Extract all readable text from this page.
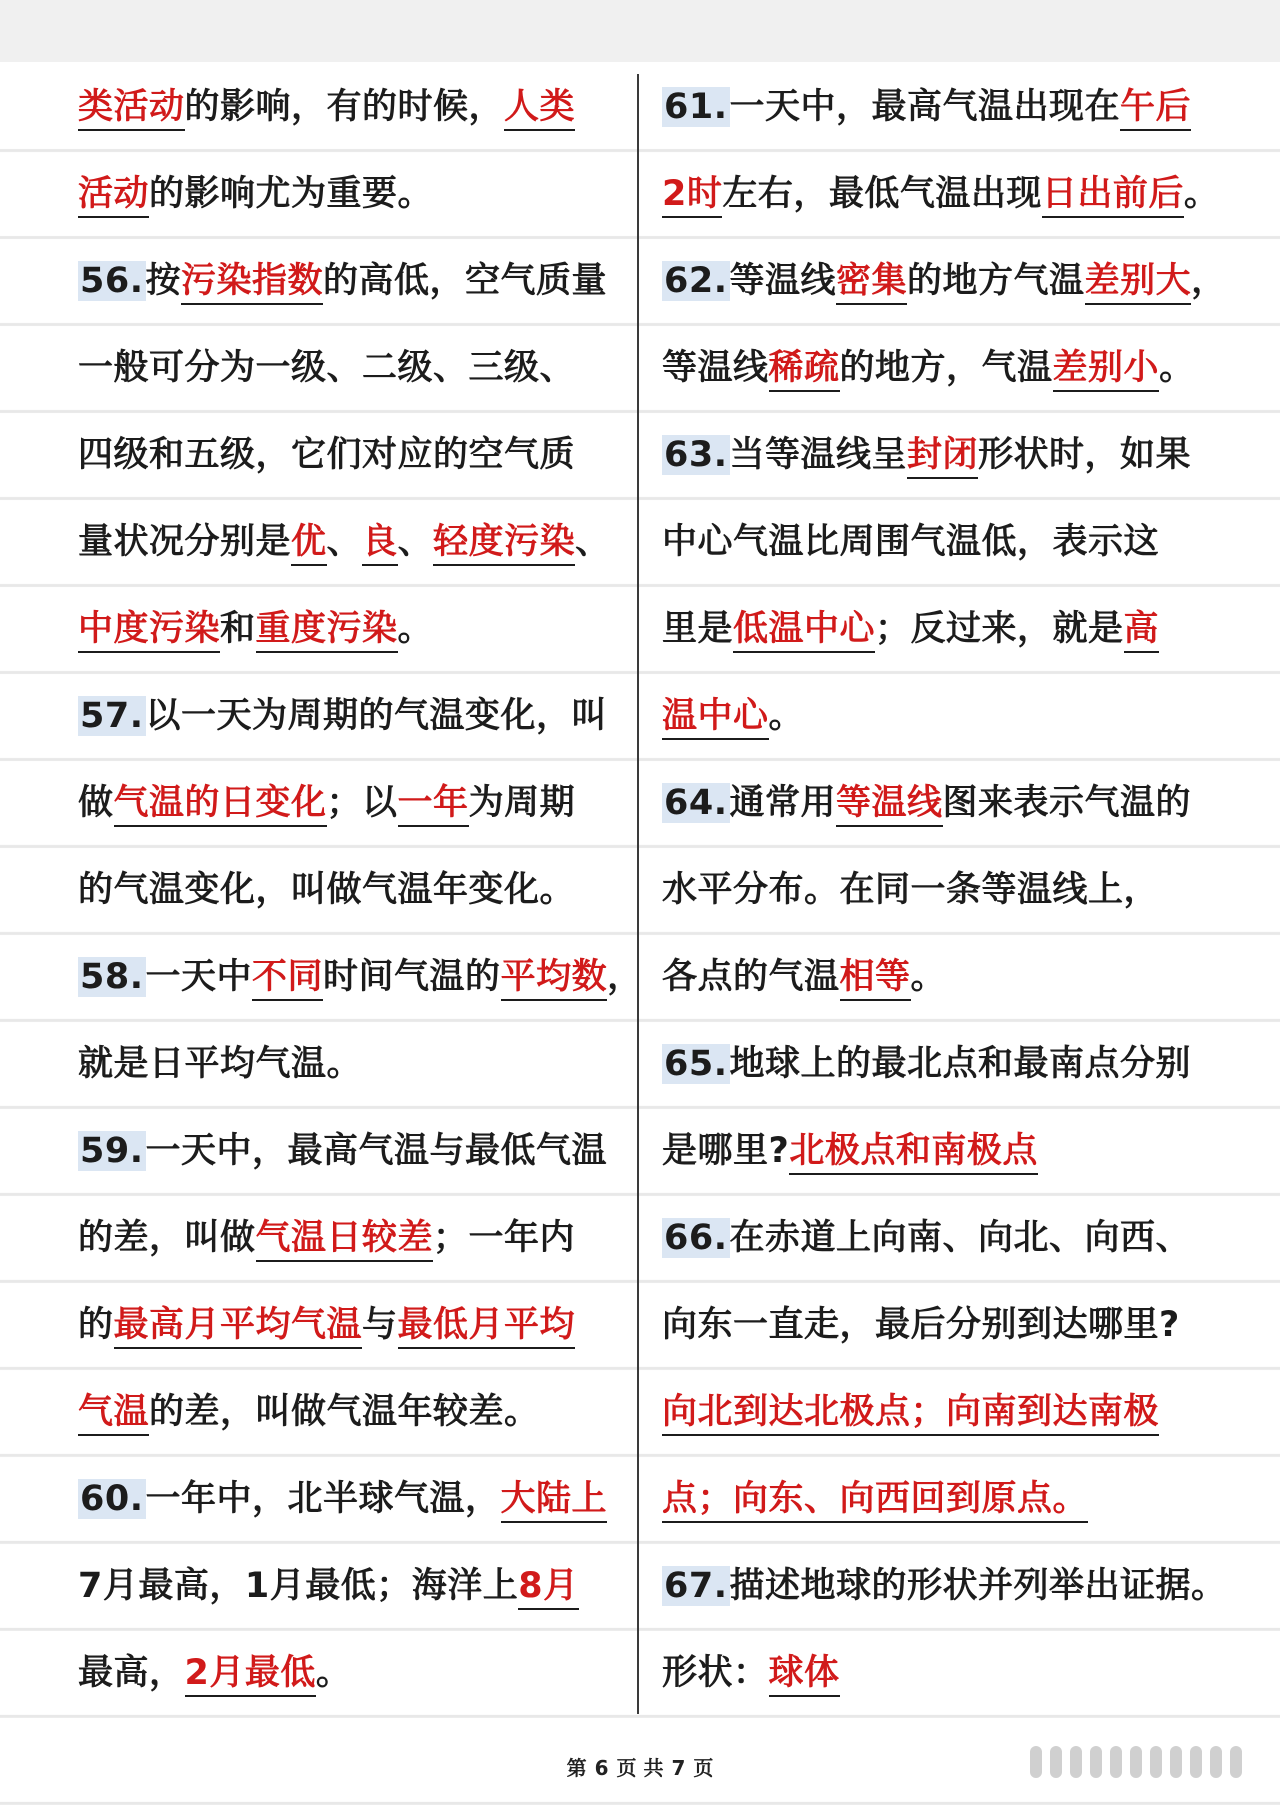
类活动的影响，有的时候，人类
活动的影响尤为重要。
56.按污染指数的高低，空气质量
一般可分为一级、二级、三级、
四级和五级，它们对应的空气质
量状况分别是优、良、轻度污染、
中度污染和重度污染。
57.以一天为周期的气温变化，叫
做气温的日变化；以一年为周期
的气温变化，叫做气温年变化。
58.一天中不同时间气温的平均数，
就是日平均气温。
59.一天中，最高气温与最低气温
的差，叫做气温日较差；一年内
的最高月平均气温与最低月平均
气温的差，叫做气温年较差。
60.一年中，北半球气温，大陆上
7月最高，1月最低；海洋上8月
最高，2月最低。
61.一天中，最高气温出现在午后
2时左右，最低气温出现日出前后。
62.等温线密集的地方气温差别大，
等温线稀疏的地方，气温差别小。
63.当等温线呈封闭形状时，如果
中心气温比周围气温低，表示这
里是低温中心；反过来，就是高
温中心。
64.通常用等温线图来表示气温的
水平分布。在同一条等温线上，
各点的气温相等。
65.地球上的最北点和最南点分别
是哪里?北极点和南极点
66.在赤道上向南、向北、向西、
向东一直走，最后分别到达哪里?
向北到达北极点；向南到达南极
点；向东、向西回到原点。
67.描述地球的形状并列举出证据。
形状：球体
第 6 页 共 7 页
